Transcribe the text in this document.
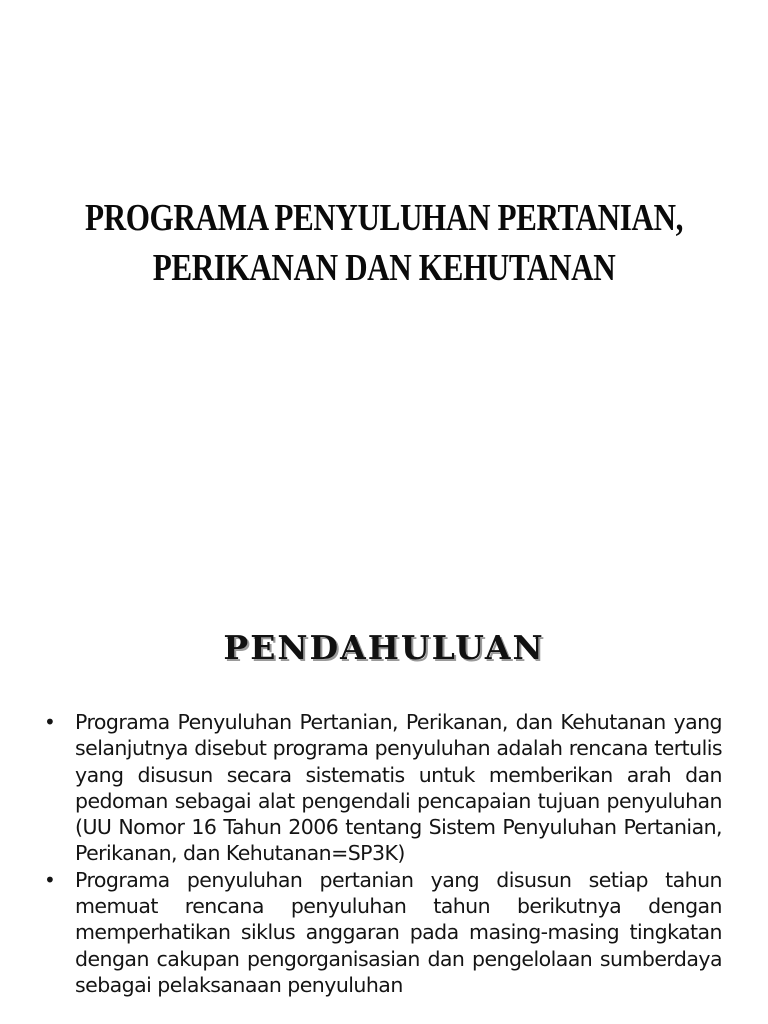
PROGRAMA PENYULUHAN PERTANIAN,
PERIKANAN DAN KEHUTANAN
PENDAHULUAN
• Programa Penyuluhan Pertanian, Perikanan, dan Kehutanan yang selanjutnya disebut programa penyuluhan adalah rencana tertulis yang disusun secara sistematis untuk memberikan arah dan pedoman sebagai alat pengendali pencapaian tujuan penyuluhan (UU Nomor 16 Tahun 2006 tentang Sistem Penyuluhan Pertanian, Perikanan, dan Kehutanan=SP3K)
• Programa penyuluhan pertanian yang disusun setiap tahun memuat rencana penyuluhan tahun berikutnya dengan memperhatikan siklus anggaran pada masing-masing tingkatan dengan cakupan pengorganisasian dan pengelolaan sumberdaya sebagai pelaksanaan penyuluhan
